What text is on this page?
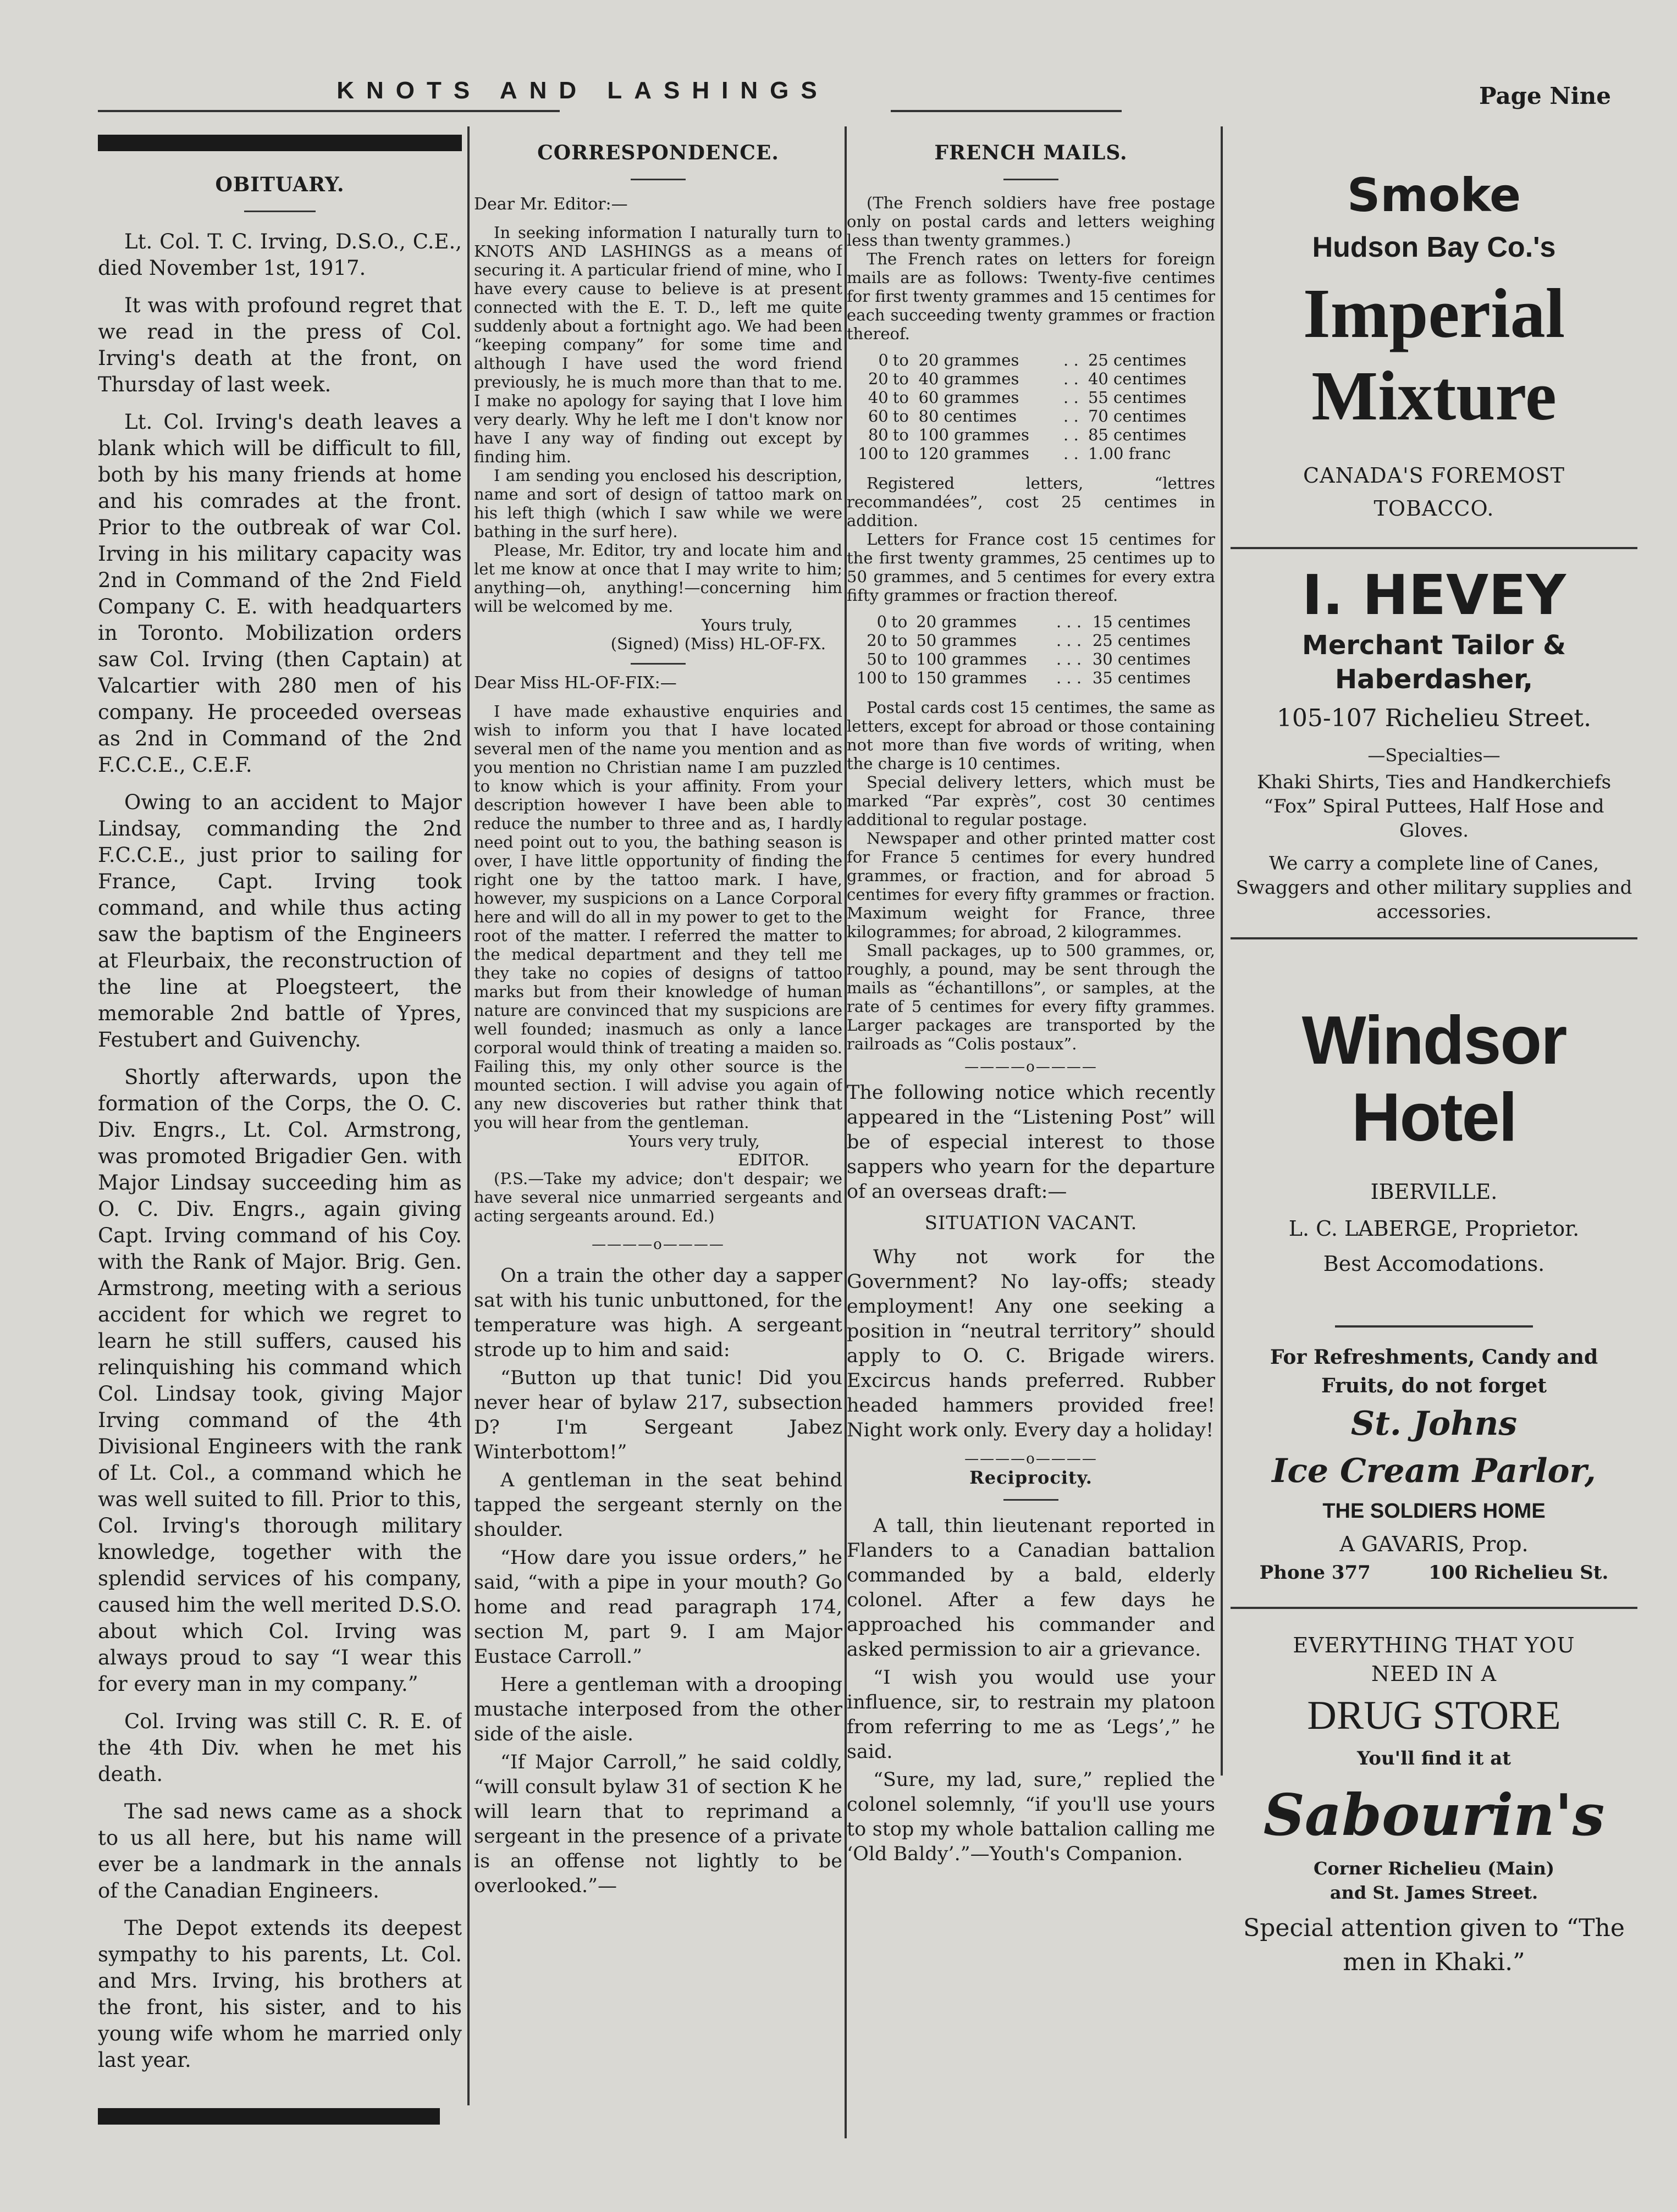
KNOTS AND LASHINGS	Page Nine
OBITUARY.

Lt. Col. T. C. Irving, D.S.O., C.E., died November 1st, 1917.

It was with profound regret that we read in the press of Col. Irving's death at the front, on Thursday of last week.

Lt. Col. Irving's death leaves a blank which will be difficult to fill, both by his many friends at home and his comrades at the front. Prior to the outbreak of war Col. Irving in his military capacity was 2nd in Command of the 2nd Field Company C. E. with headquarters in Toronto. Mobilization orders saw Col. Irving (then Captain) at Valcartier with 280 men of his company. He proceeded overseas as 2nd in Command of the 2nd F.C.C.E., C.E.F.

Owing to an accident to Major Lindsay, commanding the 2nd F.C.C.E., just prior to sailing for France, Capt. Irving took command, and while thus acting saw the baptism of the Engineers at Fleurbaix, the reconstruction of the line at Ploegsteert, the memorable 2nd battle of Ypres, Festubert and Guivenchy.

Shortly afterwards, upon the formation of the Corps, the O. C. Div. Engrs., Lt. Col. Armstrong, was promoted Brigadier Gen. with Major Lindsay succeeding him as O. C. Div. Engrs., again giving Capt. Irving command of his Coy. with the Rank of Major. Brig. Gen. Armstrong, meeting with a serious accident for which we regret to learn he still suffers, caused his relinquishing his command which Col. Lindsay took, giving Major Irving command of the 4th Divisional Engineers with the rank of Lt. Col., a command which he was well suited to fill. Prior to this, Col. Irving's thorough military knowledge, together with the splendid services of his company, caused him the well merited D.S.O. about which Col. Irving was always proud to say “I wear this for every man in my company.”

Col. Irving was still C. R. E. of the 4th Div. when he met his death.

The sad news came as a shock to us all here, but his name will ever be a landmark in the annals of the Canadian Engineers.

The Depot extends its deepest sympathy to his parents, Lt. Col. and Mrs. Irving, his brothers at the front, his sister, and to his young wife whom he married only last year.

CORRESPONDENCE.
Dear Mr. Editor:—

In seeking information I naturally turn to KNOTS AND LASHINGS as a means of securing it. A particular friend of mine, who I have every cause to believe is at present connected with the E. T. D., left me quite suddenly about a fortnight ago. We had been “keeping company” for some time and although I have used the word friend previously, he is much more than that to me. I make no apology for saying that I love him very dearly. Why he left me I don't know nor have I any way of finding out except by finding him.

I am sending you enclosed his description, name and sort of design of tattoo mark on his left thigh (which I saw while we were bathing in the surf here).

Please, Mr. Editor, try and locate him and let me know at once that I may write to him; anything—oh, anything!—concerning him will be welcomed by me.

Yours truly,
(Signed) (Miss) HL-OF-FX.
Dear Miss HL-OF-FIX:—

I have made exhaustive enquiries and wish to inform you that I have located several men of the name you mention and as you mention no Christian name I am puzzled to know which is your affinity. From your description however I have been able to reduce the number to three and as, I hardly need point out to you, the bathing season is over, I have little opportunity of finding the right one by the tattoo mark. I have, however, my suspicions on a Lance Corporal here and will do all in my power to get to the root of the matter. I referred the matter to the medical department and they tell me they take no copies of designs of tattoo marks but from their knowledge of human nature are convinced that my suspicions are well founded; inasmuch as only a lance corporal would think of treating a maiden so. Failing this, my only other source is the mounted section. I will advise you again of any new discoveries but rather think that you will hear from the gentleman.

Yours very truly,
EDITOR.

(P.S.—Take my advice; don't despair; we have several nice unmarried sergeants and acting sergeants around. Ed.)

————o————

On a train the other day a sapper sat with his tunic unbuttoned, for the temperature was high. A sergeant strode up to him and said:

“Button up that tunic! Did you never hear of bylaw 217, subsection D? I'm Sergeant Jabez Winterbottom!”

A gentleman in the seat behind tapped the sergeant sternly on the shoulder.

“How dare you issue orders,” he said, “with a pipe in your mouth? Go home and read paragraph 174, section M, part 9. I am Major Eustace Carroll.”

Here a gentleman with a drooping mustache interposed from the other side of the aisle.

“If Major Carroll,” he said coldly, “will consult bylaw 31 of section K he will learn that to reprimand a sergeant in the presence of a private is an offense not lightly to be overlooked.”—

FRENCH MAILS.

(The French soldiers have free postage only on postal cards and letters weighing less than twenty grammes.)

The French rates on letters for foreign mails are as follows: Twenty-five centimes for first twenty grammes and 15 centimes for each succeeding twenty grammes or fraction thereof.

0	to	20 grammes	. .	25 centimes
20	to	40 grammes	. .	40 centimes
40	to	60 grammes	. .	55 centimes
60	to	80 centimes	. .	70 centimes
80	to	100 grammes	. .	85 centimes
100	to	120 grammes	. .	1.00 franc

Registered letters, “lettres recommandées”, cost 25 centimes in addition.

Letters for France cost 15 centimes for the first twenty grammes, 25 centimes up to 50 grammes, and 5 centimes for every extra fifty grammes or fraction thereof.

0	to	20 grammes	. . .	15 centimes
20	to	50 grammes	. . .	25 centimes
50	to	100 grammes	. . .	30 centimes
100	to	150 grammes	. . .	35 centimes

Postal cards cost 15 centimes, the same as letters, except for abroad or those containing not more than five words of writing, when the charge is 10 centimes.

Special delivery letters, which must be marked “Par exprès”, cost 30 centimes additional to regular postage.

Newspaper and other printed matter cost for France 5 centimes for every hundred grammes, or fraction, and for abroad 5 centimes for every fifty grammes or fraction. Maximum weight for France, three kilogrammes; for abroad, 2 kilogrammes.

Small packages, up to 500 grammes, or, roughly, a pound, may be sent through the mails as “échantillons”, or samples, at the rate of 5 centimes for every fifty grammes. Larger packages are transported by the railroads as “Colis postaux”.

————o————

The following notice which recently appeared in the “Listening Post” will be of especial interest to those sappers who yearn for the departure of an overseas draft:—

SITUATION VACANT.

Why not work for the Government? No lay-offs; steady employment! Any one seeking a position in “neutral territory” should apply to O. C. Brigade wirers. Excircus hands preferred. Rubber headed hammers provided free! Night work only. Every day a holiday!

————o————
Reciprocity.

A tall, thin lieutenant reported in Flanders to a Canadian battalion commanded by a bald, elderly colonel. After a few days he approached his commander and asked permission to air a grievance.

“I wish you would use your influence, sir, to restrain my platoon from referring to me as ‘Legs’,” he said.

“Sure, my lad, sure,” replied the colonel solemnly, “if you'll use yours to stop my whole battalion calling me ‘Old Baldy’.”—Youth's Companion.

Smoke
Hudson Bay Co.'s
Imperial
Mixture
CANADA'S FOREMOST
TOBACCO.
I. HEVEY
Merchant Tailor &
Haberdasher,
105-107 Richelieu Street.
—Specialties—
Khaki Shirts, Ties and Handkerchiefs “Fox” Spiral Puttees, Half Hose and Gloves.
We carry a complete line of Canes, Swaggers and other military supplies and accessories.
Windsor Hotel
IBERVILLE.
L. C. LABERGE, Proprietor.
Best Accomodations.
For Refreshments, Candy and Fruits, do not forget
St. Johns
Ice Cream Parlor,
THE SOLDIERS HOME
A GAVARIS, Prop.
Phone 377	100 Richelieu St.
EVERYTHING THAT YOU NEED IN A
DRUG STORE
You'll find it at
Sabourin's
Corner Richelieu (Main) and St. James Street.
Special attention given to “The men in Khaki.”
